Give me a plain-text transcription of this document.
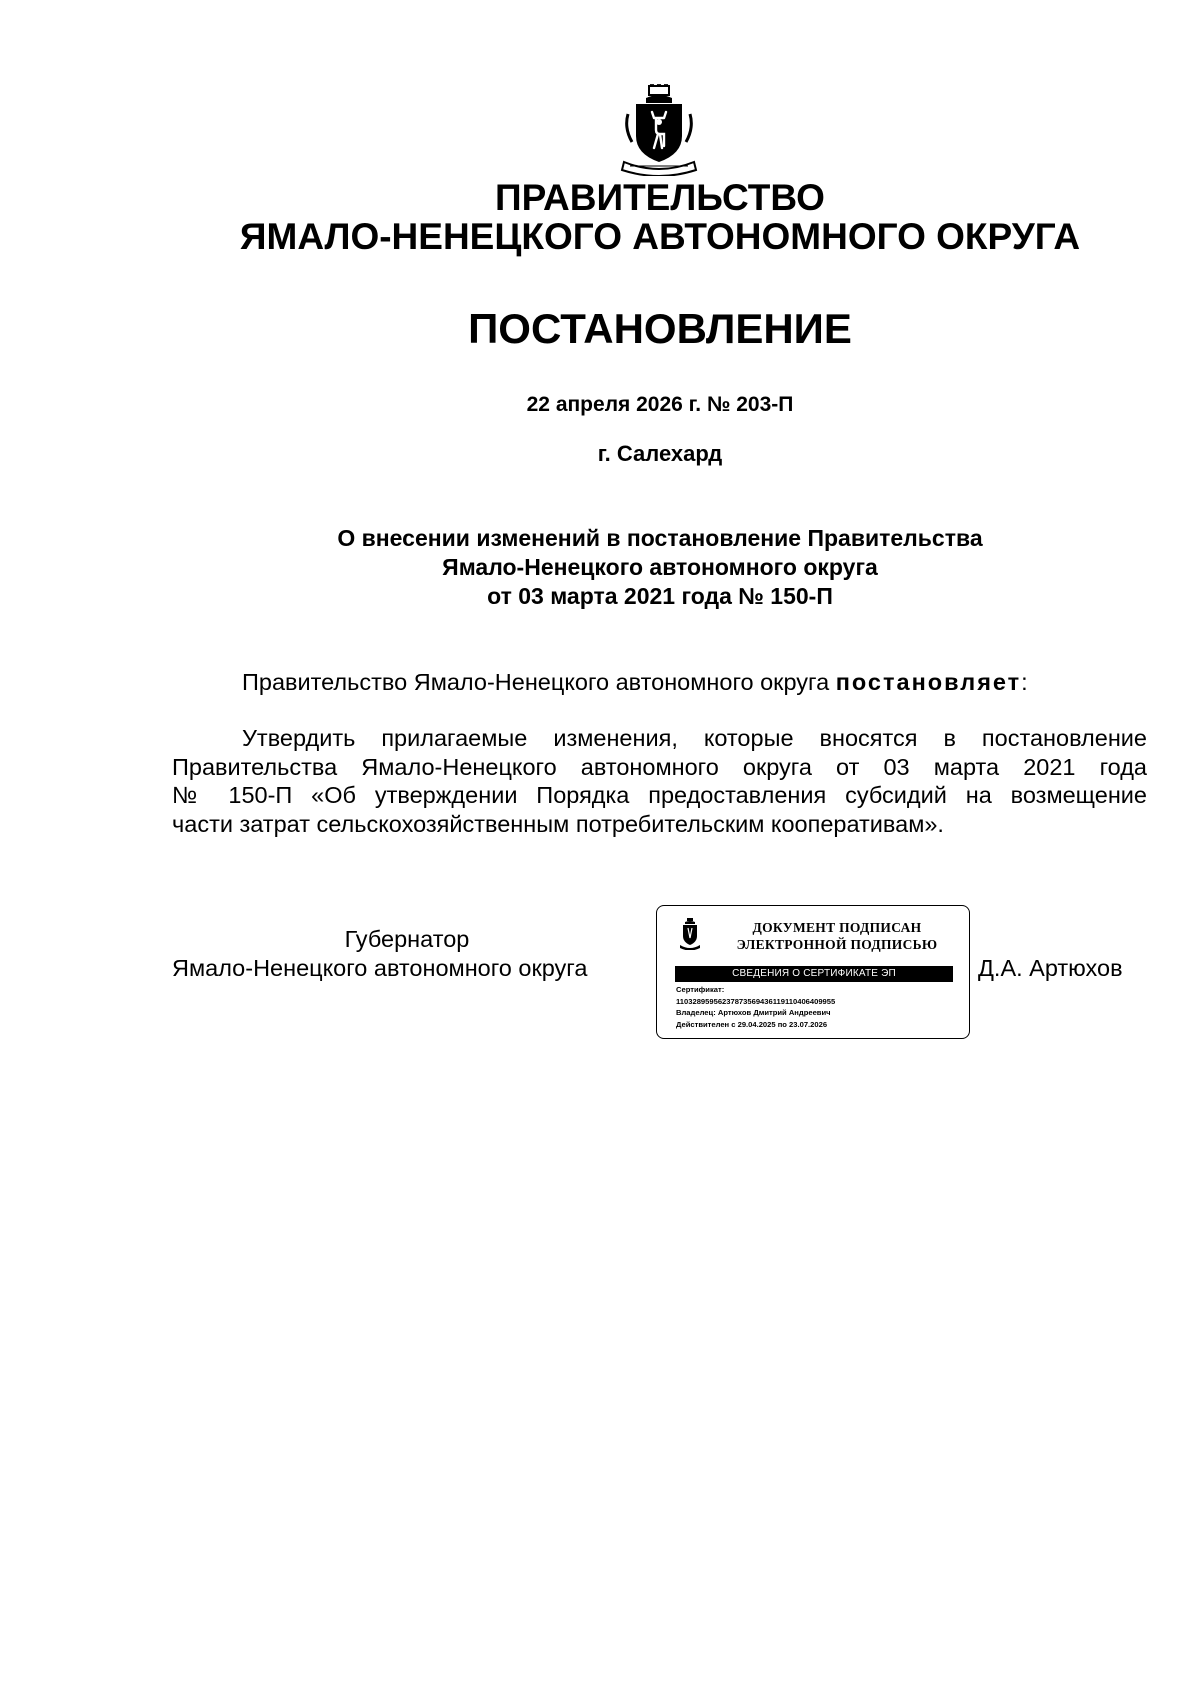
ПРАВИТЕЛЬСТВО
ЯМАЛО-НЕНЕЦКОГО АВТОНОМНОГО ОКРУГА
ПОСТАНОВЛЕНИЕ
22 апреля 2026 г. № 203-П
г. Салехард
О внесении изменений в постановление Правительства
Ямало-Ненецкого автономного округа
от 03 марта 2021 года № 150-П
Правительство Ямало-Ненецкого автономного округа постановляет:
Утвердить прилагаемые изменения, которые вносятся в постановление
Правительства Ямало-Ненецкого автономного округа от 03 марта 2021 года
№ 150-П «Об утверждении Порядка предоставления субсидий на возмещение
части затрат сельскохозяйственным потребительским кооперативам».
Губернатор
Ямало-Ненецкого автономного округа
ДОКУМЕНТ ПОДПИСАН
ЭЛЕКТРОННОЙ ПОДПИСЬЮ
СВЕДЕНИЯ О СЕРТИФИКАТЕ ЭП
Сертификат:
11032895956237873569436119110406409955
Владелец: Артюхов Дмитрий Андреевич
Действителен с 29.04.2025 по 23.07.2026
Д.А. Артюхов
